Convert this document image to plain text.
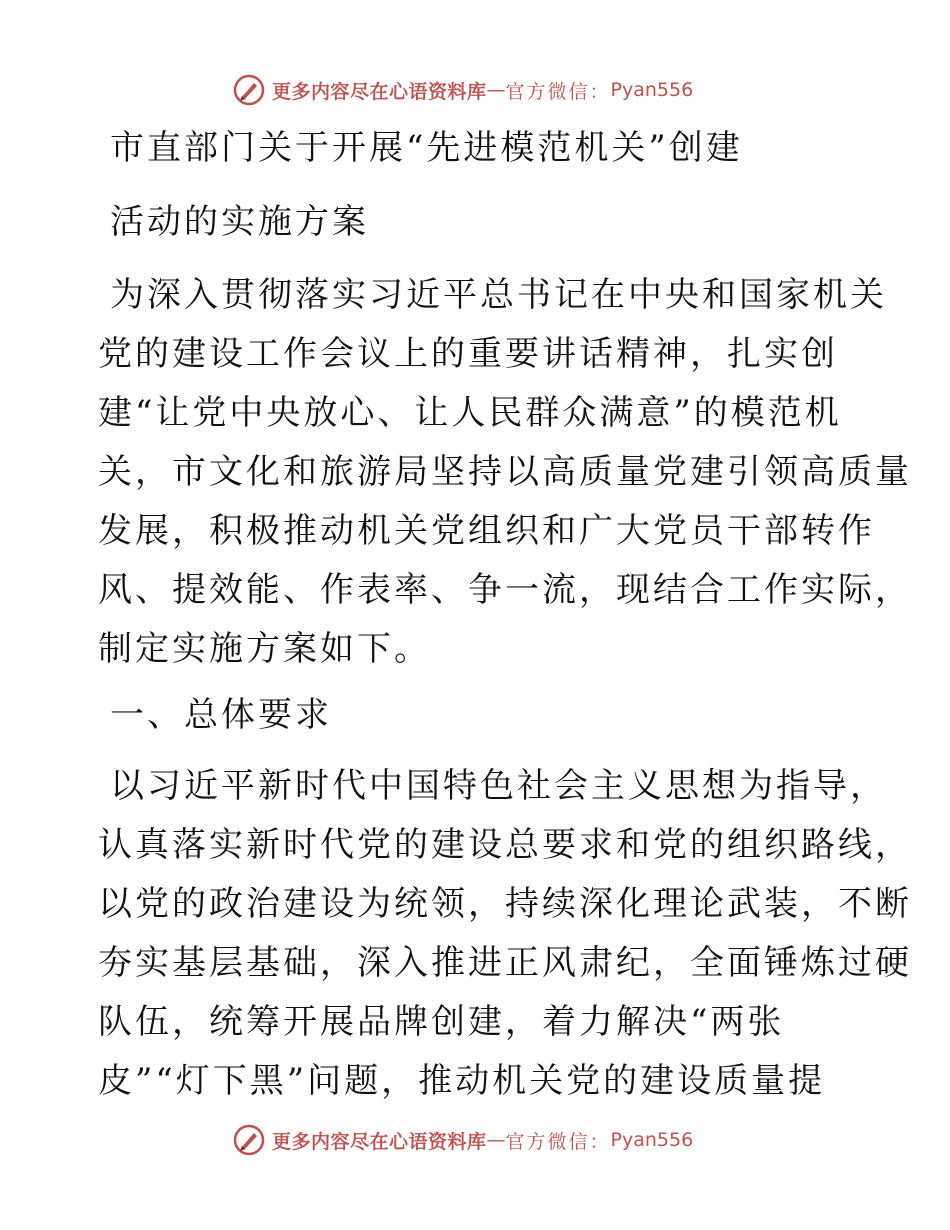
更多内容尽在心语资料库 — 官方微信： Pyan556
市直部门关于开展“先进模范机关”创建
活动的实施方案

为深入贯彻落实习近平总书记在中央和国家机关
党的建设工作会议上的重要讲话精神，扎实创
建“让党中央放心、让人民群众满意”的模范机
关，市文化和旅游局坚持以高质量党建引领高质量
发展，积极推动机关党组织和广大党员干部转作
风、提效能、作表率、争一流，现结合工作实际，
制定实施方案如下。

一、总体要求

以习近平新时代中国特色社会主义思想为指导，
认真落实新时代党的建设总要求和党的组织路线，
以党的政治建设为统领，持续深化理论武装，不断
夯实基层基础，深入推进正风肃纪，全面锤炼过硬
队伍，统筹开展品牌创建，着力解决“两张
皮”“灯下黑”问题，推动机关党的建设质量提

更多内容尽在心语资料库 — 官方微信： Pyan556
